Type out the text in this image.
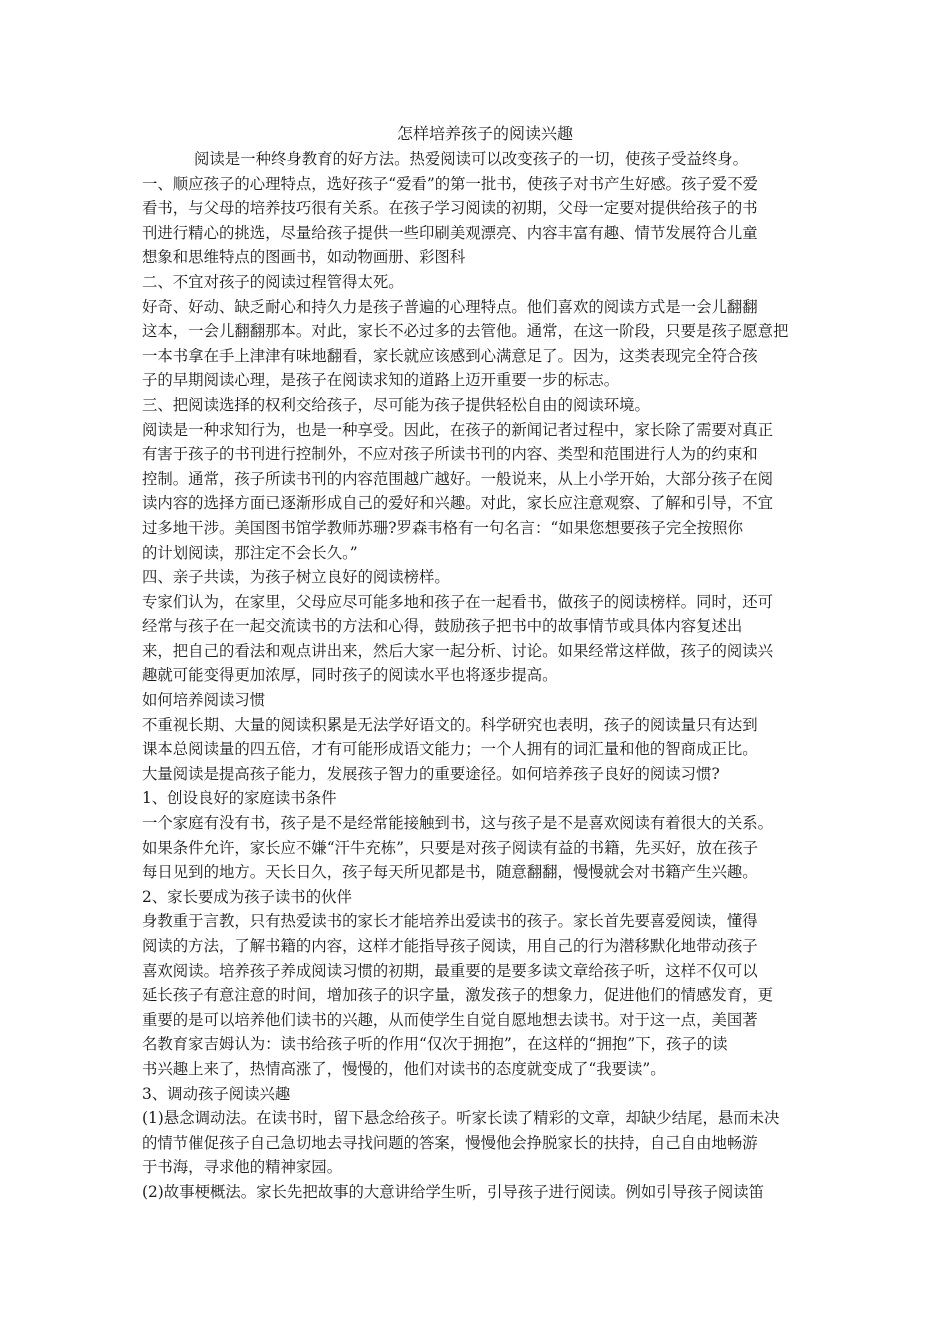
怎样培养孩子的阅读兴趣

阅读是一种终身教育的好方法。热爱阅读可以改变孩子的一切，使孩子受益终身。

一、顺应孩子的心理特点，选好孩子“爱看”的第一批书，使孩子对书产生好感。孩子爱不爱

看书，与父母的培养技巧很有关系。在孩子学习阅读的初期，父母一定要对提供给孩子的书

刊进行精心的挑选，尽量给孩子提供一些印刷美观漂亮、内容丰富有趣、情节发展符合儿童

想象和思维特点的图画书，如动物画册、彩图科

二、不宜对孩子的阅读过程管得太死。

好奇、好动、缺乏耐心和持久力是孩子普遍的心理特点。他们喜欢的阅读方式是一会儿翻翻

这本，一会儿翻翻那本。对此，家长不必过多的去管他。通常，在这一阶段，只要是孩子愿意把

一本书拿在手上津津有味地翻看，家长就应该感到心满意足了。因为，这类表现完全符合孩

子的早期阅读心理，是孩子在阅读求知的道路上迈开重要一步的标志。

三、把阅读选择的权利交给孩子，尽可能为孩子提供轻松自由的阅读环境。

阅读是一种求知行为，也是一种享受。因此，在孩子的新闻记者过程中，家长除了需要对真正

有害于孩子的书刊进行控制外，不应对孩子所读书刊的内容、类型和范围进行人为的约束和

控制。通常，孩子所读书刊的内容范围越广越好。一般说来，从上小学开始，大部分孩子在阅

读内容的选择方面已逐渐形成自己的爱好和兴趣。对此，家长应注意观察、了解和引导，不宜

过多地干涉。美国图书馆学教师苏珊?罗森韦格有一句名言：“如果您想要孩子完全按照你

的计划阅读，那注定不会长久。”

四、亲子共读，为孩子树立良好的阅读榜样。

专家们认为，在家里，父母应尽可能多地和孩子在一起看书，做孩子的阅读榜样。同时，还可

经常与孩子在一起交流读书的方法和心得，鼓励孩子把书中的故事情节或具体内容复述出

来，把自己的看法和观点讲出来，然后大家一起分析、讨论。如果经常这样做，孩子的阅读兴

趣就可能变得更加浓厚，同时孩子的阅读水平也将逐步提高。

如何培养阅读习惯

不重视长期、大量的阅读积累是无法学好语文的。科学研究也表明，孩子的阅读量只有达到

课本总阅读量的四五倍，才有可能形成语文能力；一个人拥有的词汇量和他的智商成正比。

大量阅读是提高孩子能力，发展孩子智力的重要途径。如何培养孩子良好的阅读习惯?

1、创设良好的家庭读书条件

一个家庭有没有书，孩子是不是经常能接触到书，这与孩子是不是喜欢阅读有着很大的关系。

如果条件允许，家长应不嫌“汗牛充栋”，只要是对孩子阅读有益的书籍，先买好，放在孩子

每日见到的地方。天长日久，孩子每天所见都是书，随意翻翻，慢慢就会对书籍产生兴趣。

2、家长要成为孩子读书的伙伴

身教重于言教，只有热爱读书的家长才能培养出爱读书的孩子。家长首先要喜爱阅读，懂得

阅读的方法，了解书籍的内容，这样才能指导孩子阅读，用自己的行为潜移默化地带动孩子

喜欢阅读。培养孩子养成阅读习惯的初期，最重要的是要多读文章给孩子听，这样不仅可以

延长孩子有意注意的时间，增加孩子的识字量，激发孩子的想象力，促进他们的情感发育，更

重要的是可以培养他们读书的兴趣，从而使学生自觉自愿地想去读书。对于这一点，美国著

名教育家吉姆认为：读书给孩子听的作用“仅次于拥抱”，在这样的“拥抱”下，孩子的读

书兴趣上来了，热情高涨了，慢慢的，他们对读书的态度就变成了“我要读”。

3、调动孩子阅读兴趣

(1)悬念调动法。在读书时，留下悬念给孩子。听家长读了精彩的文章，却缺少结尾，悬而未决

的情节催促孩子自己急切地去寻找问题的答案，慢慢他会挣脱家长的扶持，自己自由地畅游

于书海，寻求他的精神家园。

(2)故事梗概法。家长先把故事的大意讲给学生听，引导孩子进行阅读。例如引导孩子阅读笛
